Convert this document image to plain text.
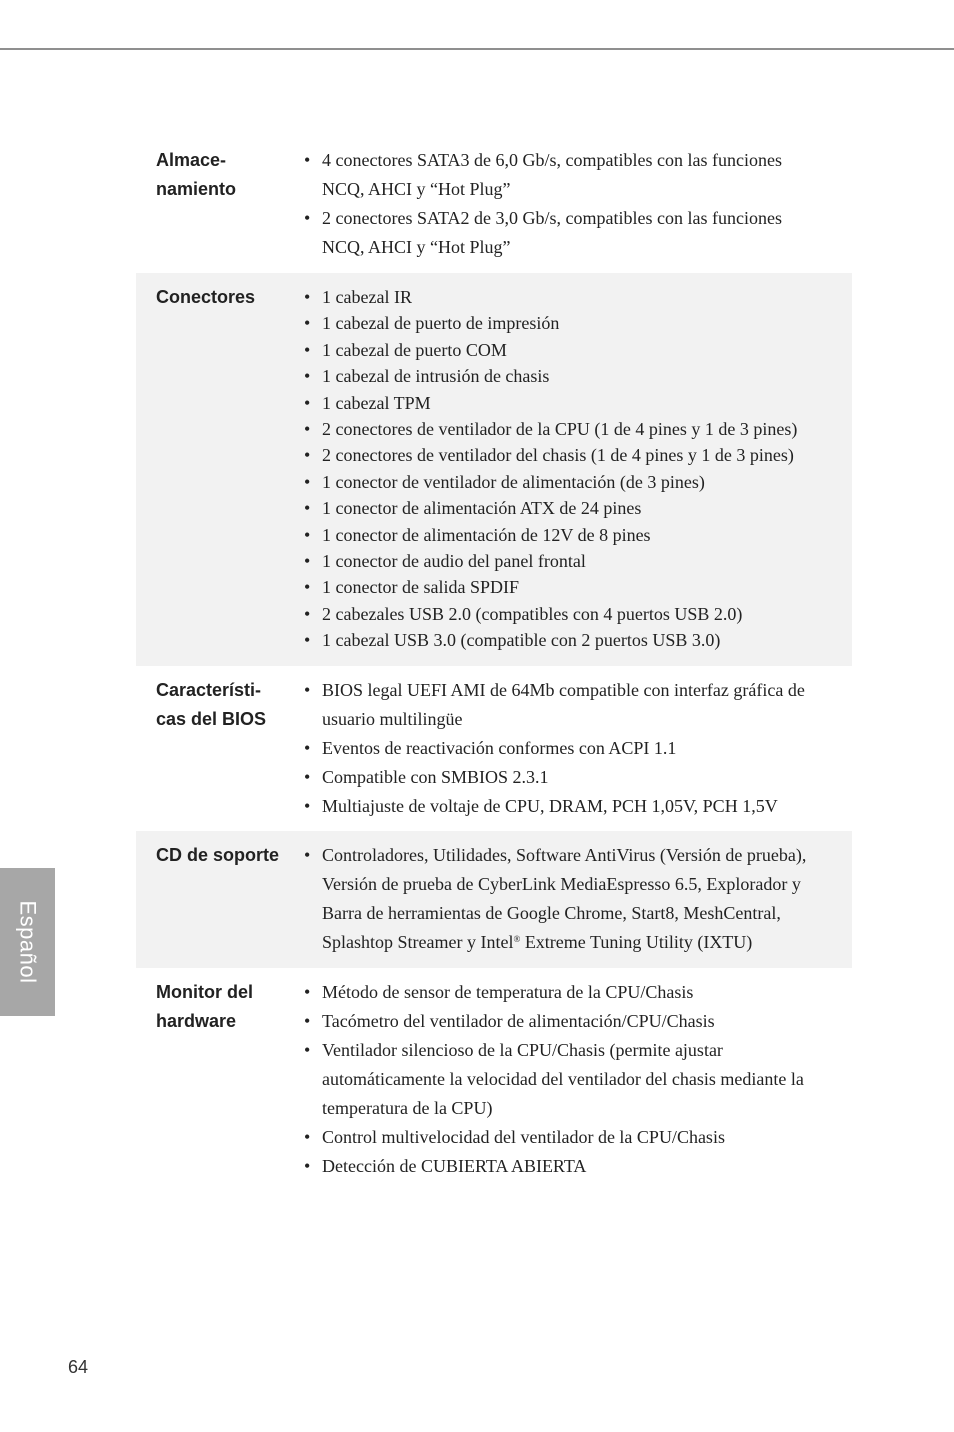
Almace-
namiento
• 4 conectores SATA3 de 6,0 Gb/s, compatibles con las funciones NCQ, AHCI y “Hot Plug”
• 2 conectores SATA2 de 3,0 Gb/s, compatibles con las funciones NCQ, AHCI y “Hot Plug”
Conectores	• 1 cabezal IR
• 1 cabezal de puerto de impresión
• 1 cabezal de puerto COM
• 1 cabezal de intrusión de chasis
• 1 cabezal TPM
• 2 conectores de ventilador de la CPU (1 de 4 pines y 1 de 3 pines)
• 2 conectores de ventilador del chasis (1 de 4 pines y 1 de 3 pines)
• 1 conector de ventilador de alimentación (de 3 pines)
• 1 conector de alimentación ATX de 24 pines
• 1 conector de alimentación de 12V de 8 pines
• 1 conector de audio del panel frontal
• 1 conector de salida SPDIF
• 2 cabezales USB 2.0 (compatibles con 4 puertos USB 2.0)
• 1 cabezal USB 3.0 (compatible con 2 puertos USB 3.0)
Característi-
cas del BIOS
• BIOS legal UEFI AMI de 64Mb compatible con interfaz gráfica de usuario multilingüe
• Eventos de reactivación conformes con ACPI 1.1
• Compatible con SMBIOS 2.3.1
• Multiajuste de voltaje de CPU, DRAM, PCH 1,05V, PCH 1,5V
CD de soporte	• Controladores, Utilidades, Software AntiVirus (Versión de prueba), Versión de prueba de CyberLink MediaEspresso 6.5, Explorador y Barra de herramientas de Google Chrome, Start8, MeshCentral, Splashtop Streamer y Intel® Extreme Tuning Utility (IXTU)
Monitor del
hardware
• Método de sensor de temperatura de la CPU/Chasis
• Tacómetro del ventilador de alimentación/CPU/Chasis
• Ventilador silencioso de la CPU/Chasis (permite ajustar automáticamente la velocidad del ventilador del chasis mediante la temperatura de la CPU)
• Control multivelocidad del ventilador de la CPU/Chasis
• Detección de CUBIERTA ABIERTA
Español
64
